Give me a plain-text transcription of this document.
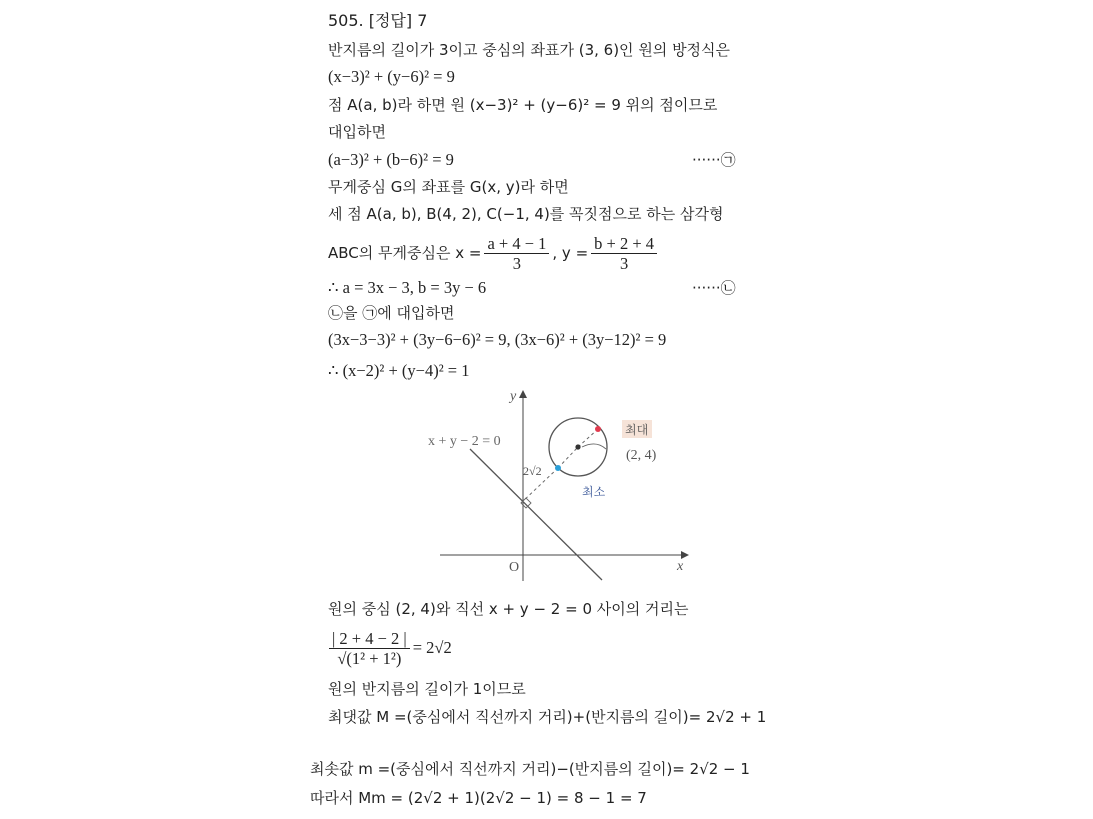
505. [정답] 7
반지름의 길이가 3이고 중심의 좌표가 (3, 6)인 원의 방정식은
(x−3)² + (y−6)² = 9
점 A(a, b)라 하면 원 (x−3)² + (y−6)² = 9 위의 점이므로
대입하면
(a−3)² + (b−6)² = 9	······㉠
무게중심 G의 좌표를 G(x, y)라 하면
세 점 A(a, b), B(4, 2), C(−1, 4)를 꼭짓점으로 하는 삼각형
ABC의 무게중심은 $x = \frac{a + 4 - 1}{3}$ , $y = \frac{b + 2 + 4}{3}$
∴ a = 3x − 3, b = 3y − 6	······㉡
㉡을 ㉠에 대입하면
(3x−3−3)² + (3y−6−6)² = 9, (3x−6)² + (3y−12)² = 9
∴ (x−2)² + (y−4)² = 1
y
x
O
x + y − 2 = 0
2√2
(2, 4)
최대
최소
원의 중심 (2, 4)와 직선 x + y − 2 = 0 사이의 거리는
$\frac{| 2 + 4 - 2 |}{\text{√(1² + 1²)}} = 2√2$
원의 반지름의 길이가 1이므로
최댓값 M =(중심에서 직선까지 거리)+(반지름의 길이)= 2√2 + 1
최솟값 m =(중심에서 직선까지 거리)−(반지름의 길이)= 2√2 − 1
따라서 Mm = (2√2 + 1)(2√2 − 1) = 8 − 1 = 7
